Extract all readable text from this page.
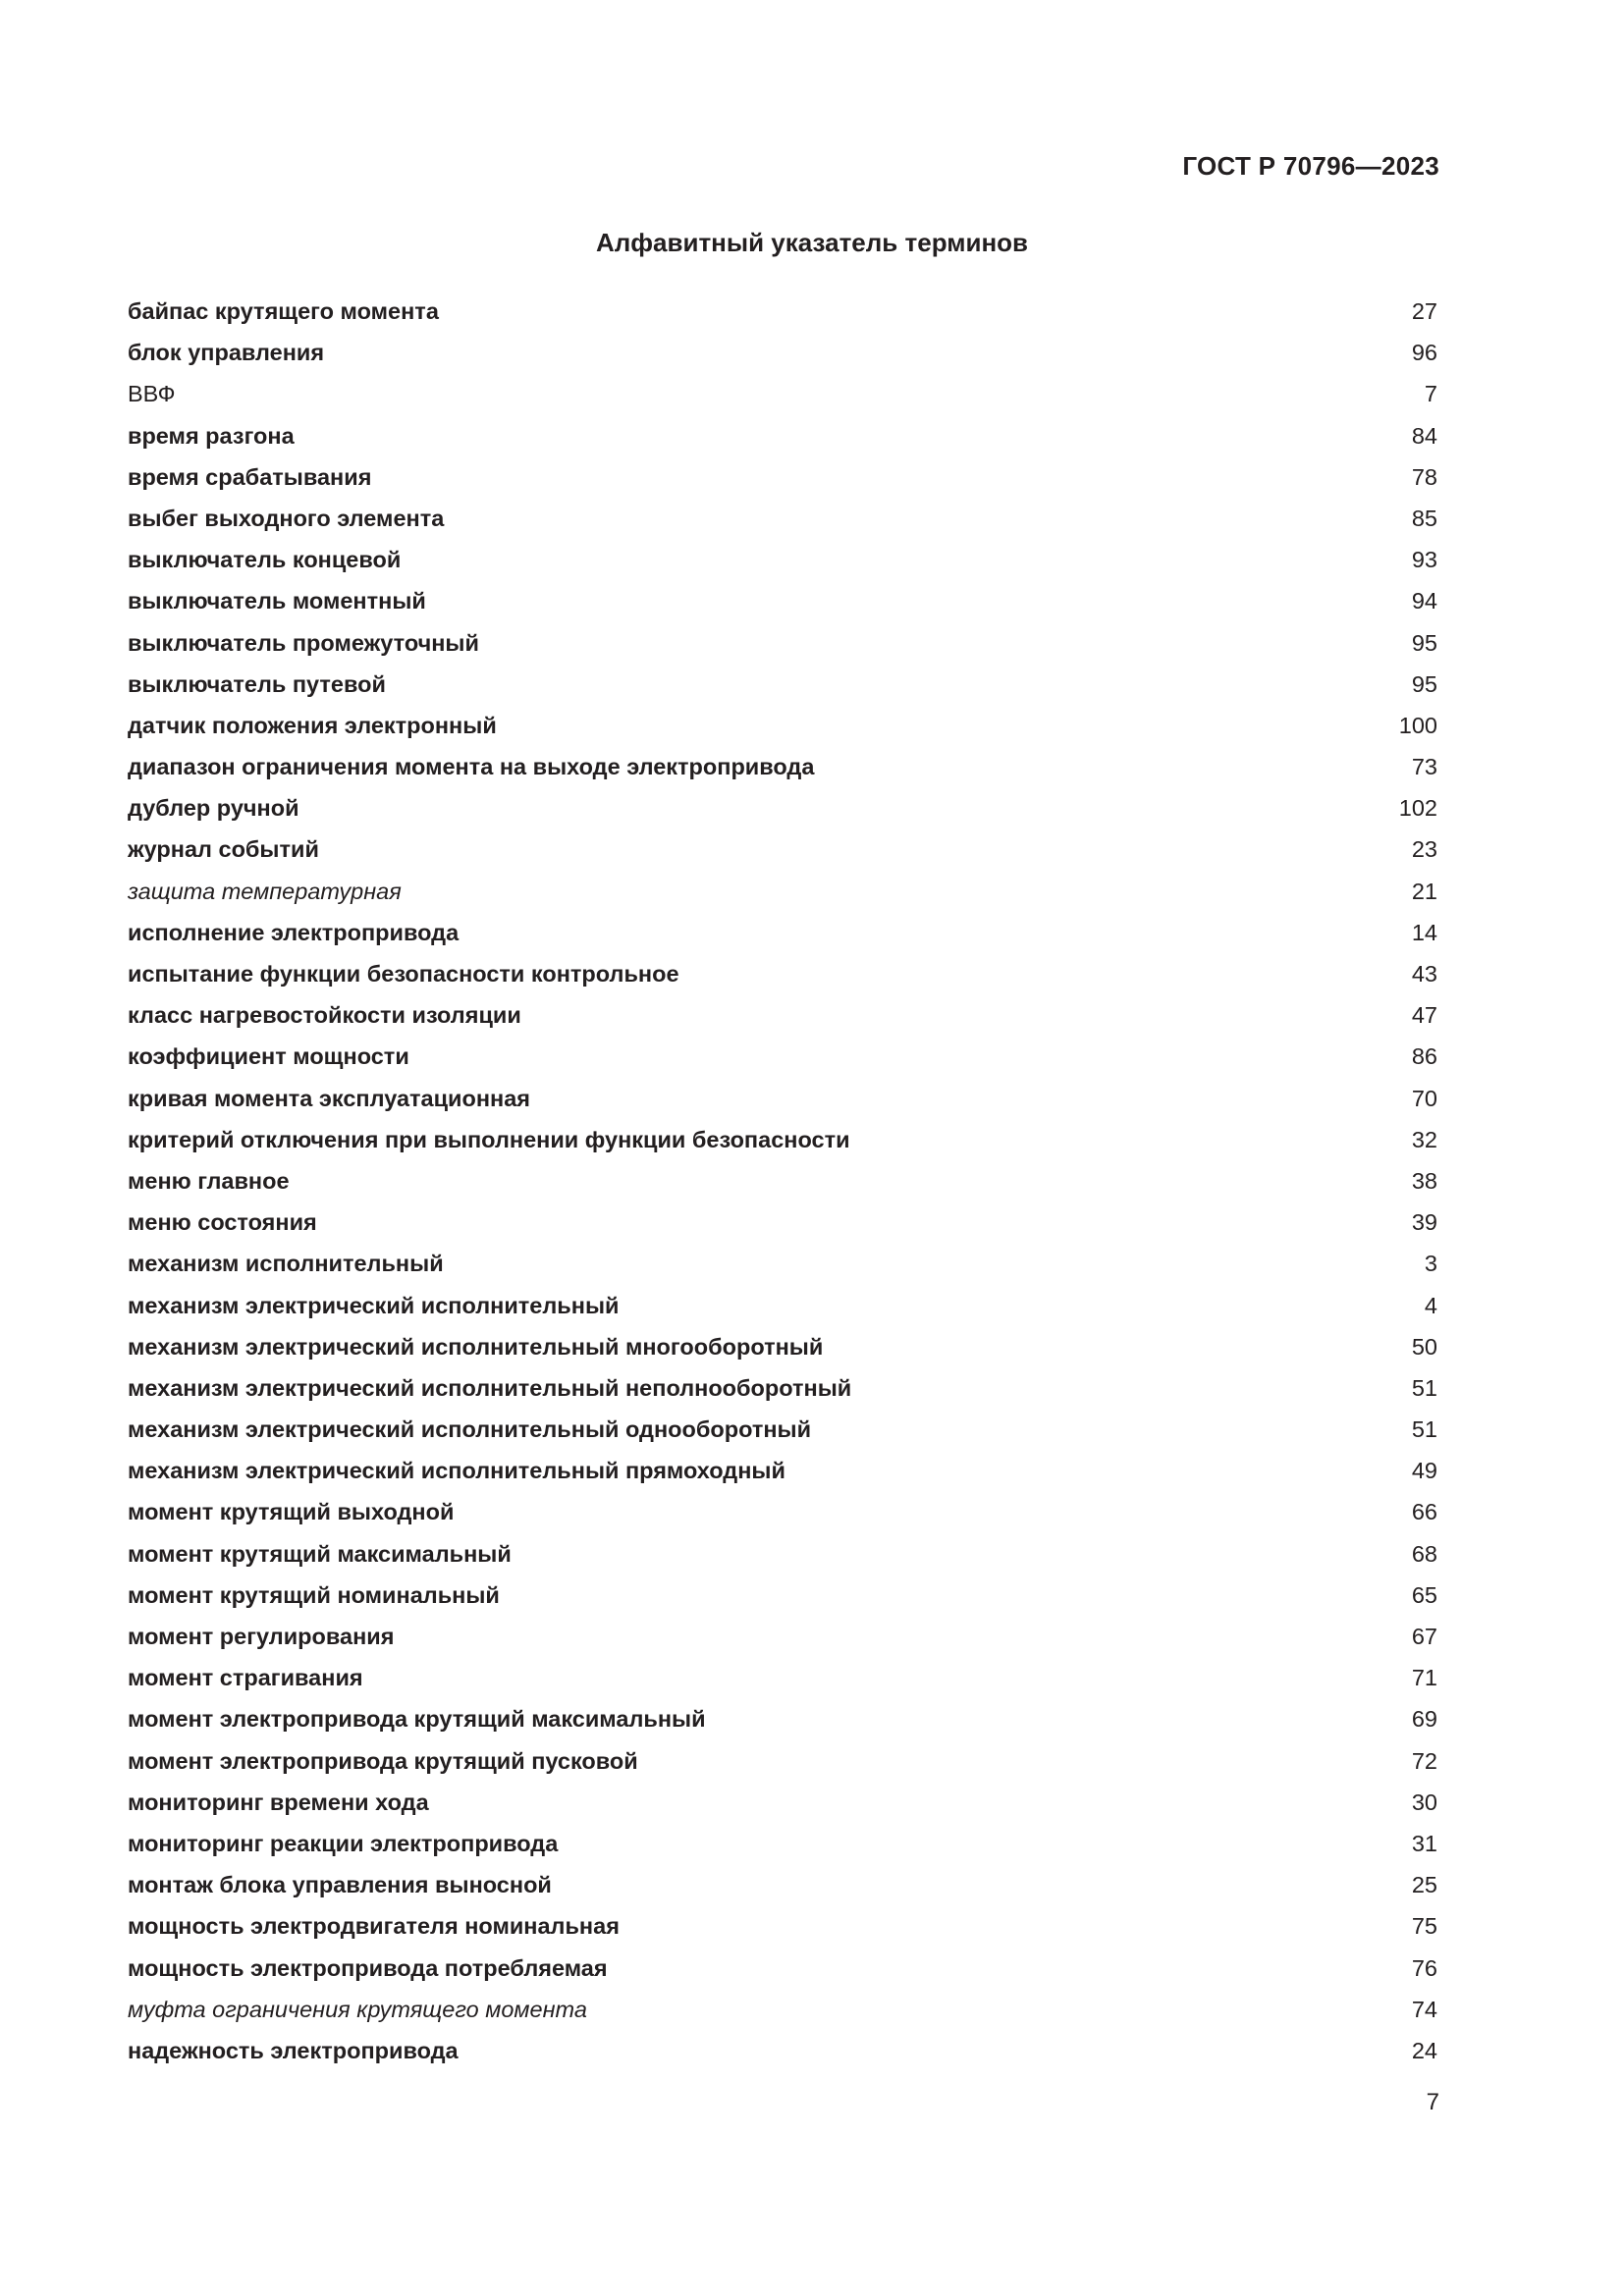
ГОСТ Р 70796—2023
Алфавитный указатель терминов
байпас крутящего момента	27
блок управления	96
ВВФ	7
время разгона	84
время срабатывания	78
выбег выходного элемента	85
выключатель концевой	93
выключатель моментный	94
выключатель промежуточный	95
выключатель путевой	95
датчик положения электронный	100
диапазон ограничения момента на выходе электропривода	73
дублер ручной	102
журнал событий	23
защита температурная	21
исполнение электропривода	14
испытание функции безопасности контрольное	43
класс нагревостойкости изоляции	47
коэффициент мощности	86
кривая момента эксплуатационная	70
критерий отключения при выполнении функции безопасности	32
меню главное	38
меню состояния	39
механизм исполнительный	3
механизм электрический исполнительный	4
механизм электрический исполнительный многооборотный	50
механизм электрический исполнительный неполнооборотный	51
механизм электрический исполнительный однооборотный	51
механизм электрический исполнительный прямоходный	49
момент крутящий выходной	66
момент крутящий максимальный	68
момент крутящий номинальный	65
момент регулирования	67
момент страгивания	71
момент электропривода крутящий максимальный	69
момент электропривода крутящий пусковой	72
мониторинг времени хода	30
мониторинг реакции электропривода	31
монтаж блока управления выносной	25
мощность электродвигателя номинальная	75
мощность электропривода потребляемая	76
муфта ограничения крутящего момента	74
надежность электропривода	24
7
